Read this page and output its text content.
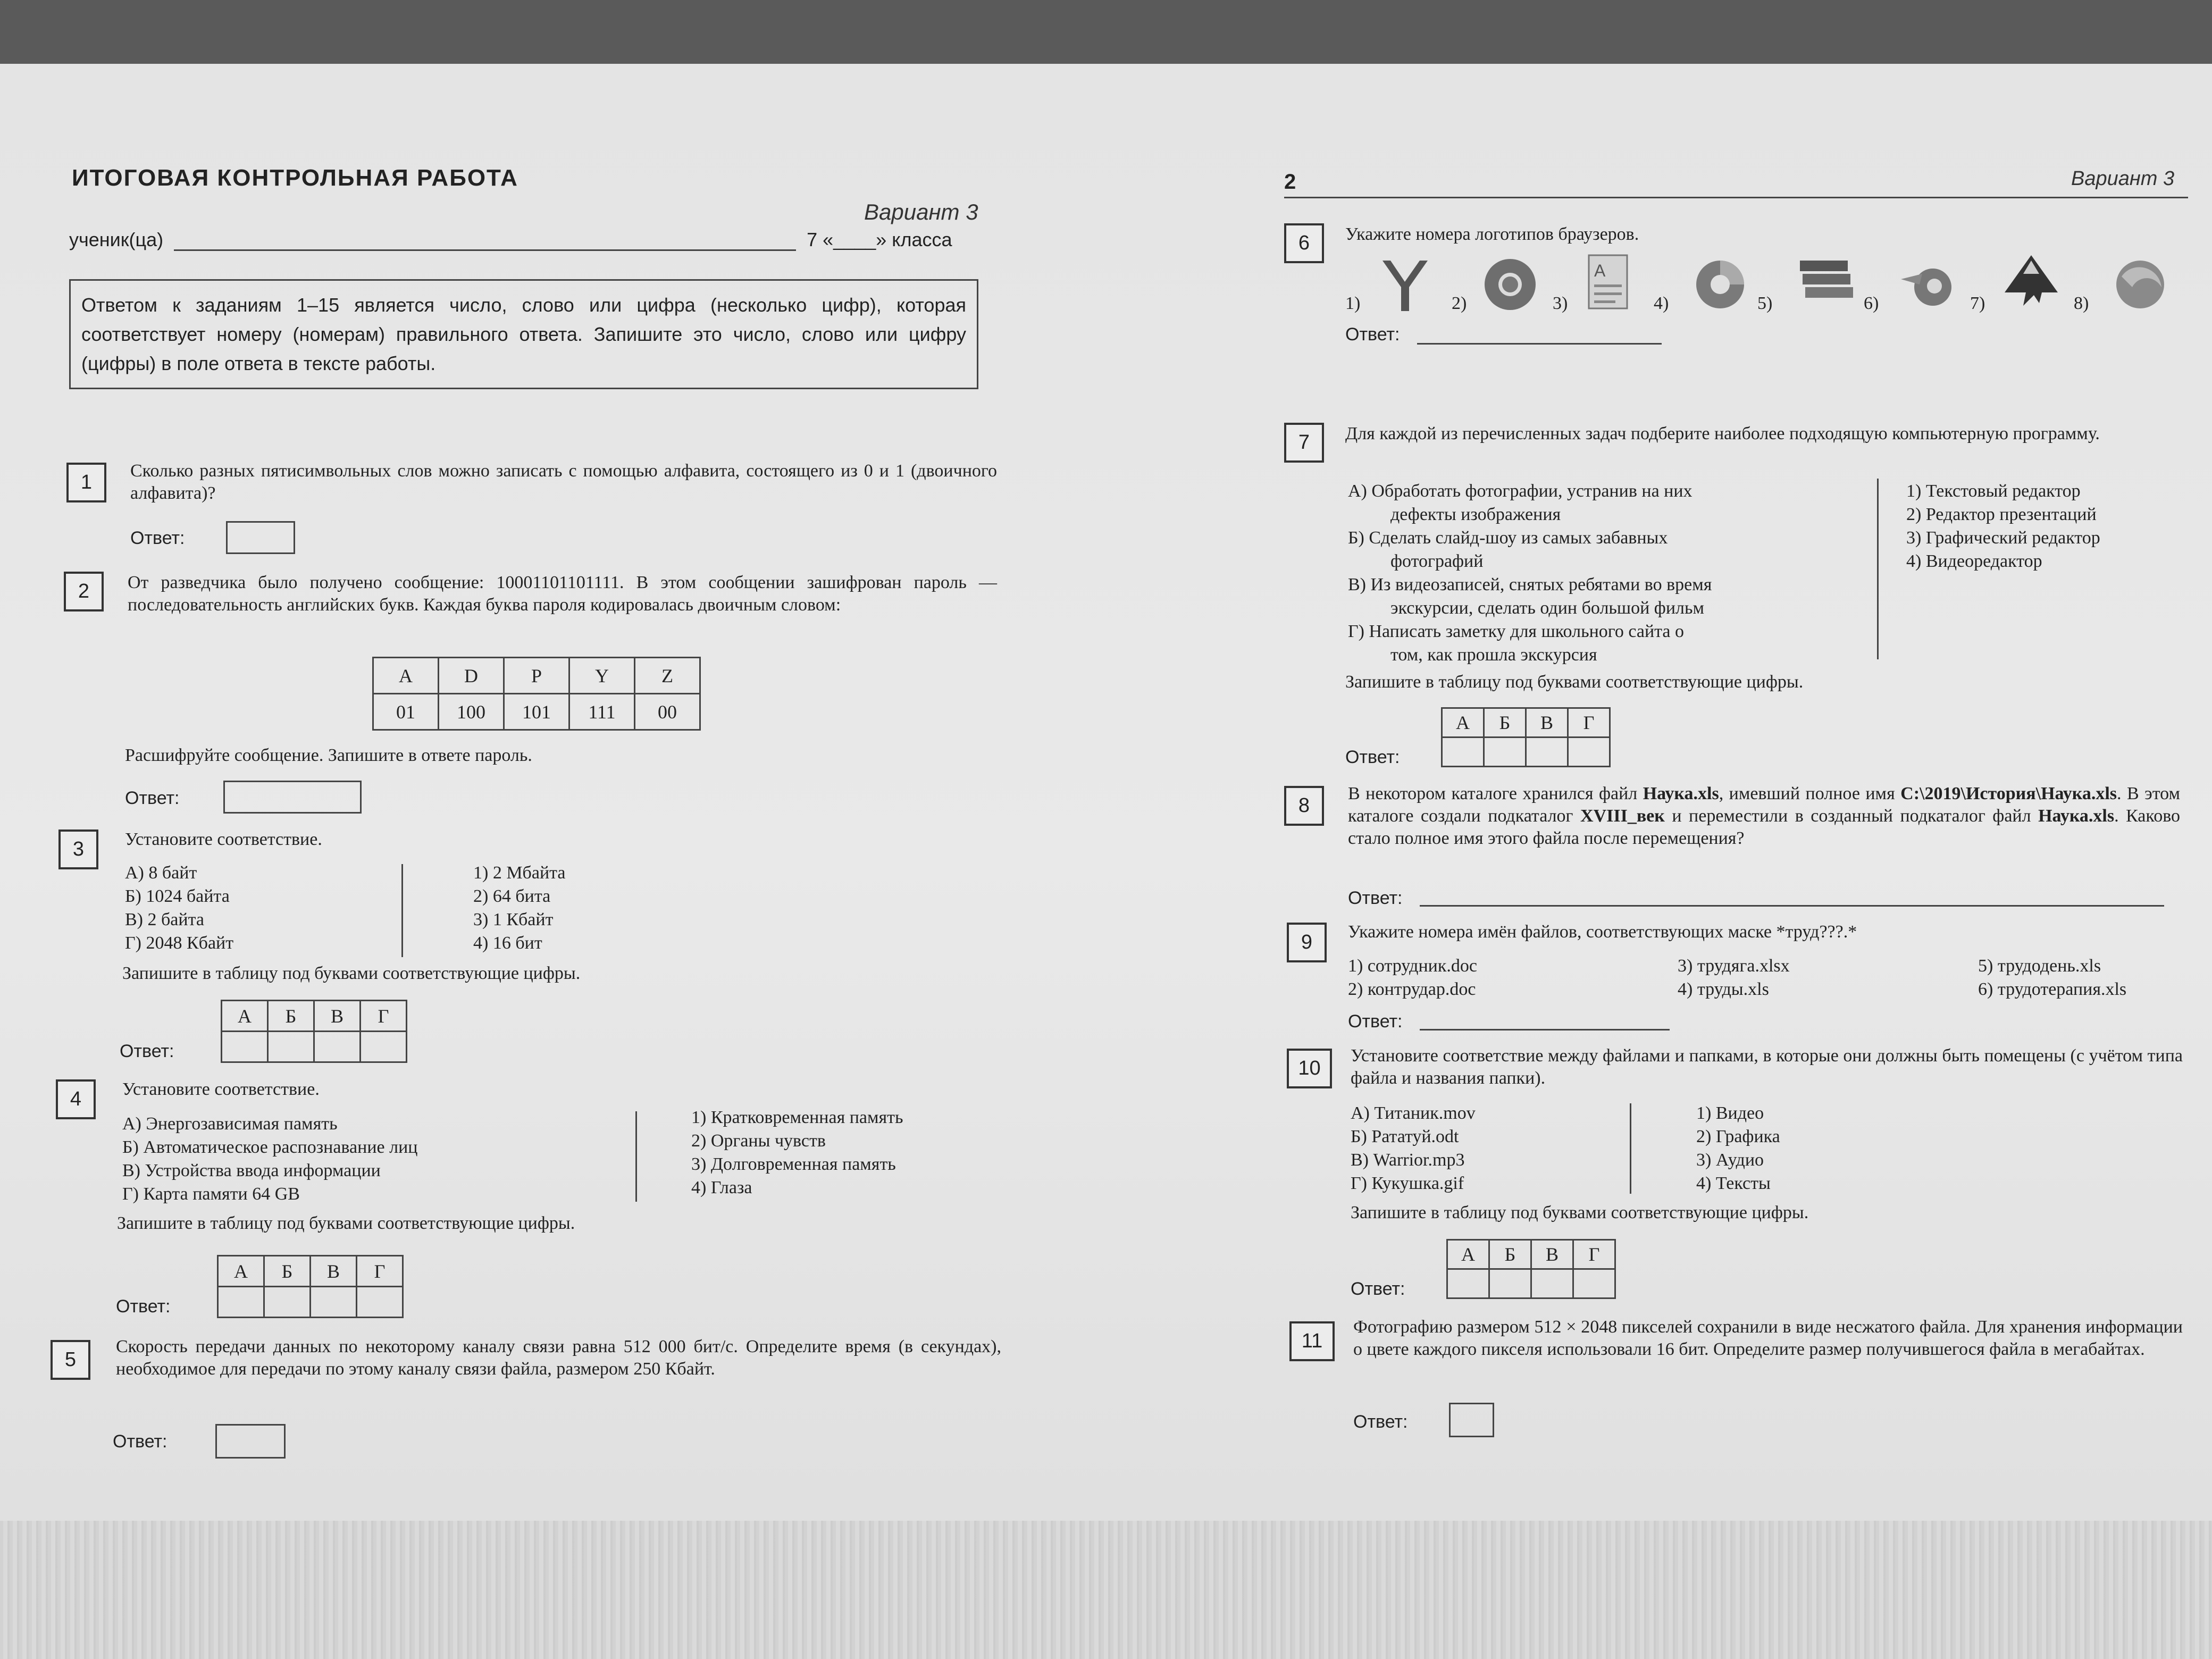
ИТОГОВАЯ КОНТРОЛЬНАЯ РАБОТА
Вариант 3
ученик(ца)	7 «____» класса
Ответом к заданиям 1–15 является число, слово или цифра (несколько цифр), которая соответствует номеру (номерам) правильного ответа. Запишите это число, слово или цифру (цифры) в поле ответа в тексте работы.
1
Сколько разных пятисимвольных слов можно записать с помощью алфавита, состоящего из 0 и 1 (двоичного алфавита)?
Ответ:
2	От разведчика было получено сообщение: 10001101101111. В этом сообщении зашифрован пароль — последовательность английских букв. Каждая буква пароля кодировалась двоичным словом:
A	D	P	Y	Z
01	100	101	111	00
Расшифруйте сообщение. Запишите в ответе пароль.
Ответ:
3	Установите соответствие.
А) 8 байт
Б) 1024 байта
В) 2 байта
Г) 2048 Кбайт
1) 2 Мбайта
2) 64 бита
3) 1 Кбайт
4) 16 бит
Запишите в таблицу под буквами соответствующие цифры.
Ответ:
А	Б	В	Г

4	Установите соответствие.
А) Энергозависимая память
Б) Автоматическое распознавание лиц
В) Устройства ввода информации
Г) Карта памяти 64 GB
1) Кратковременная память
2) Органы чувств
3) Долговременная память
4) Глаза
Запишите в таблицу под буквами соответствующие цифры.
Ответ:
А	Б	В	Г

5
Скорость передачи данных по некоторому каналу связи равна 512 000 бит/с. Определите время (в секундах), необходимое для передачи по этому каналу связи файла, размером 250 Кбайт.
Ответ:
2	Вариант 3
6	Укажите номера логотипов браузеров.
1)	2)	3)
A
4)	5)	6)	7)	8)
Ответ:
7	Для каждой из перечисленных задач подберите наиболее подходящую компьютерную программу.
А) Обработать фотографии, устранив на них
дефекты изображения
Б) Сделать слайд-шоу из самых забавных
фотографий
В) Из видеозаписей, снятых ребятами во время
экскурсии, сделать один большой фильм
Г) Написать заметку для школьного сайта о
том, как прошла экскурсия
1) Текстовый редактор
2) Редактор презентаций
3) Графический редактор
4) Видеоредактор
Запишите в таблицу под буквами соответствующие цифры.
Ответ:
А	Б	В	Г

8
В некотором каталоге хранился файл Наука.xls, имевший полное имя C:\2019\История\Наука.xls. В этом каталоге создали подкаталог XVIII_век и переместили в созданный подкаталог файл Наука.xls. Каково стало полное имя этого файла после перемещения?
Ответ:
9	Укажите номера имён файлов, соответствующих маске *труд???.*
1) сотрудник.doc
2) контрудар.doc
3) трудяга.xlsx
4) труды.xls
5) трудодень.xls
6) трудотерапия.xls
Ответ:
10
Установите соответствие между файлами и папками, в которые они должны быть помещены (с учётом типа файла и названия папки).
А) Титаник.mov
Б) Рататуй.odt
В) Warrior.mp3
Г) Кукушка.gif
1) Видео
2) Графика
3) Аудио
4) Тексты
Запишите в таблицу под буквами соответствующие цифры.
Ответ:
А	Б	В	Г

11
Фотографию размером 512 × 2048 пикселей сохранили в виде несжатого файла. Для хранения информации о цвете каждого пикселя использовали 16 бит. Определите размер получившегося файла в мегабайтах.
Ответ:
